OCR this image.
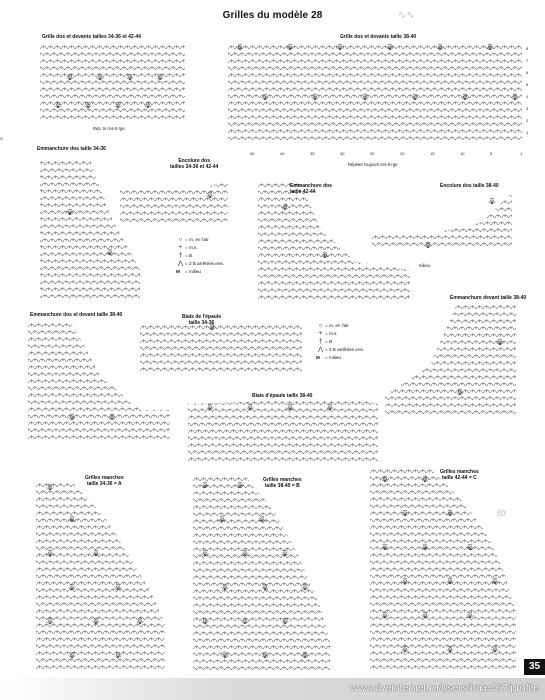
Grilles du modèle 28
a
∿∿
ℓo
45	40	35	30	25	20	15	10	5	1
8
7
6
5
4
3
2
1
Grille dos et devants tailles 34-36 et 42-44
Rép. ts ces 8 rgs
Grille dos et devants taille 38-40
Répéter toujours ces 8 rgs
Emmanchure dos taille 34-36
Encolure dos
tailles 34-36 et 42-44
Emmanchure dos
taille 42-44
Encolure dos taille 38-40
milieu
Emmanchure dos et devant taille 38-40	Biais de l'épaule
taille 34-36
Emmanchure devant taille 38-40
Biais d'épaule taille 38-40
Grilles manches
taille 34-36 = A
Grilles manches
taille 38-40 = B
Grilles manches
taille 42-44 = C
○ = m. en l'air
+ = m.s.
† = B
⋀ = 2 B arrêtées ens.
M	= milieu
○ = m. en l'air
+ = m.s.
† = B
⋀ = 2 B arrêtées ens.
M	= milieu
35
www.liveinternet.ru/users/irale467/profile
